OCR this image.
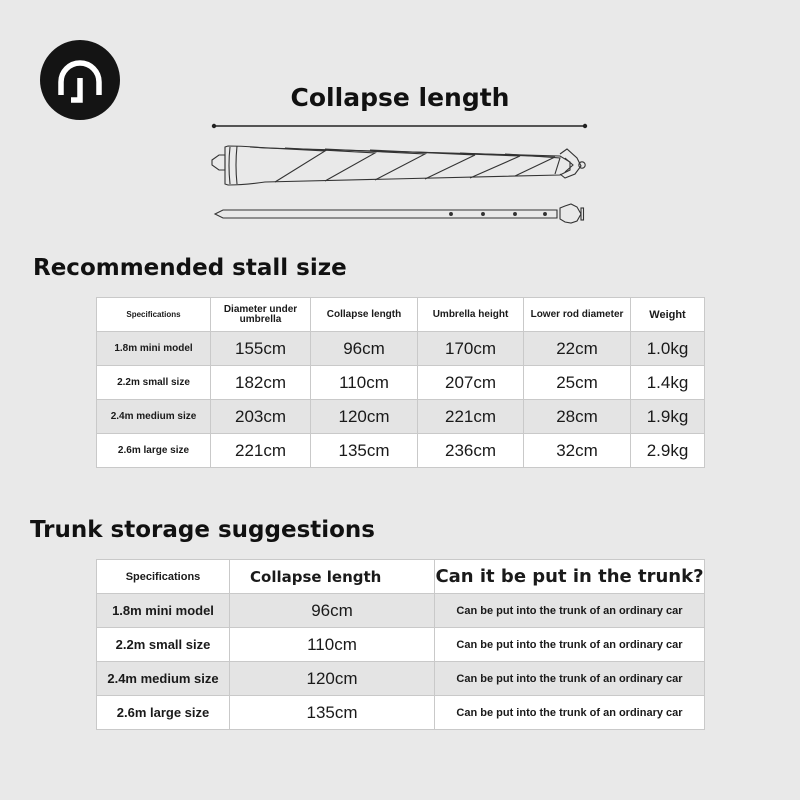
Collapse length
Recommended stall size
Specifications	Diameter under umbrella	Collapse length	Umbrella height	Lower rod diameter	Weight
1.8m mini model	155cm	96cm	170cm	22cm	1.0kg
2.2m small size	182cm	110cm	207cm	25cm	1.4kg
2.4m medium size	203cm	120cm	221cm	28cm	1.9kg
2.6m large size	221cm	135cm	236cm	32cm	2.9kg
Trunk storage suggestions
Specifications	Collapse length	Can it be put in the trunk?
1.8m mini model	96cm	Can be put into the trunk of an ordinary car
2.2m small size	110cm	Can be put into the trunk of an ordinary car
2.4m medium size	120cm	Can be put into the trunk of an ordinary car
2.6m large size	135cm	Can be put into the trunk of an ordinary car
